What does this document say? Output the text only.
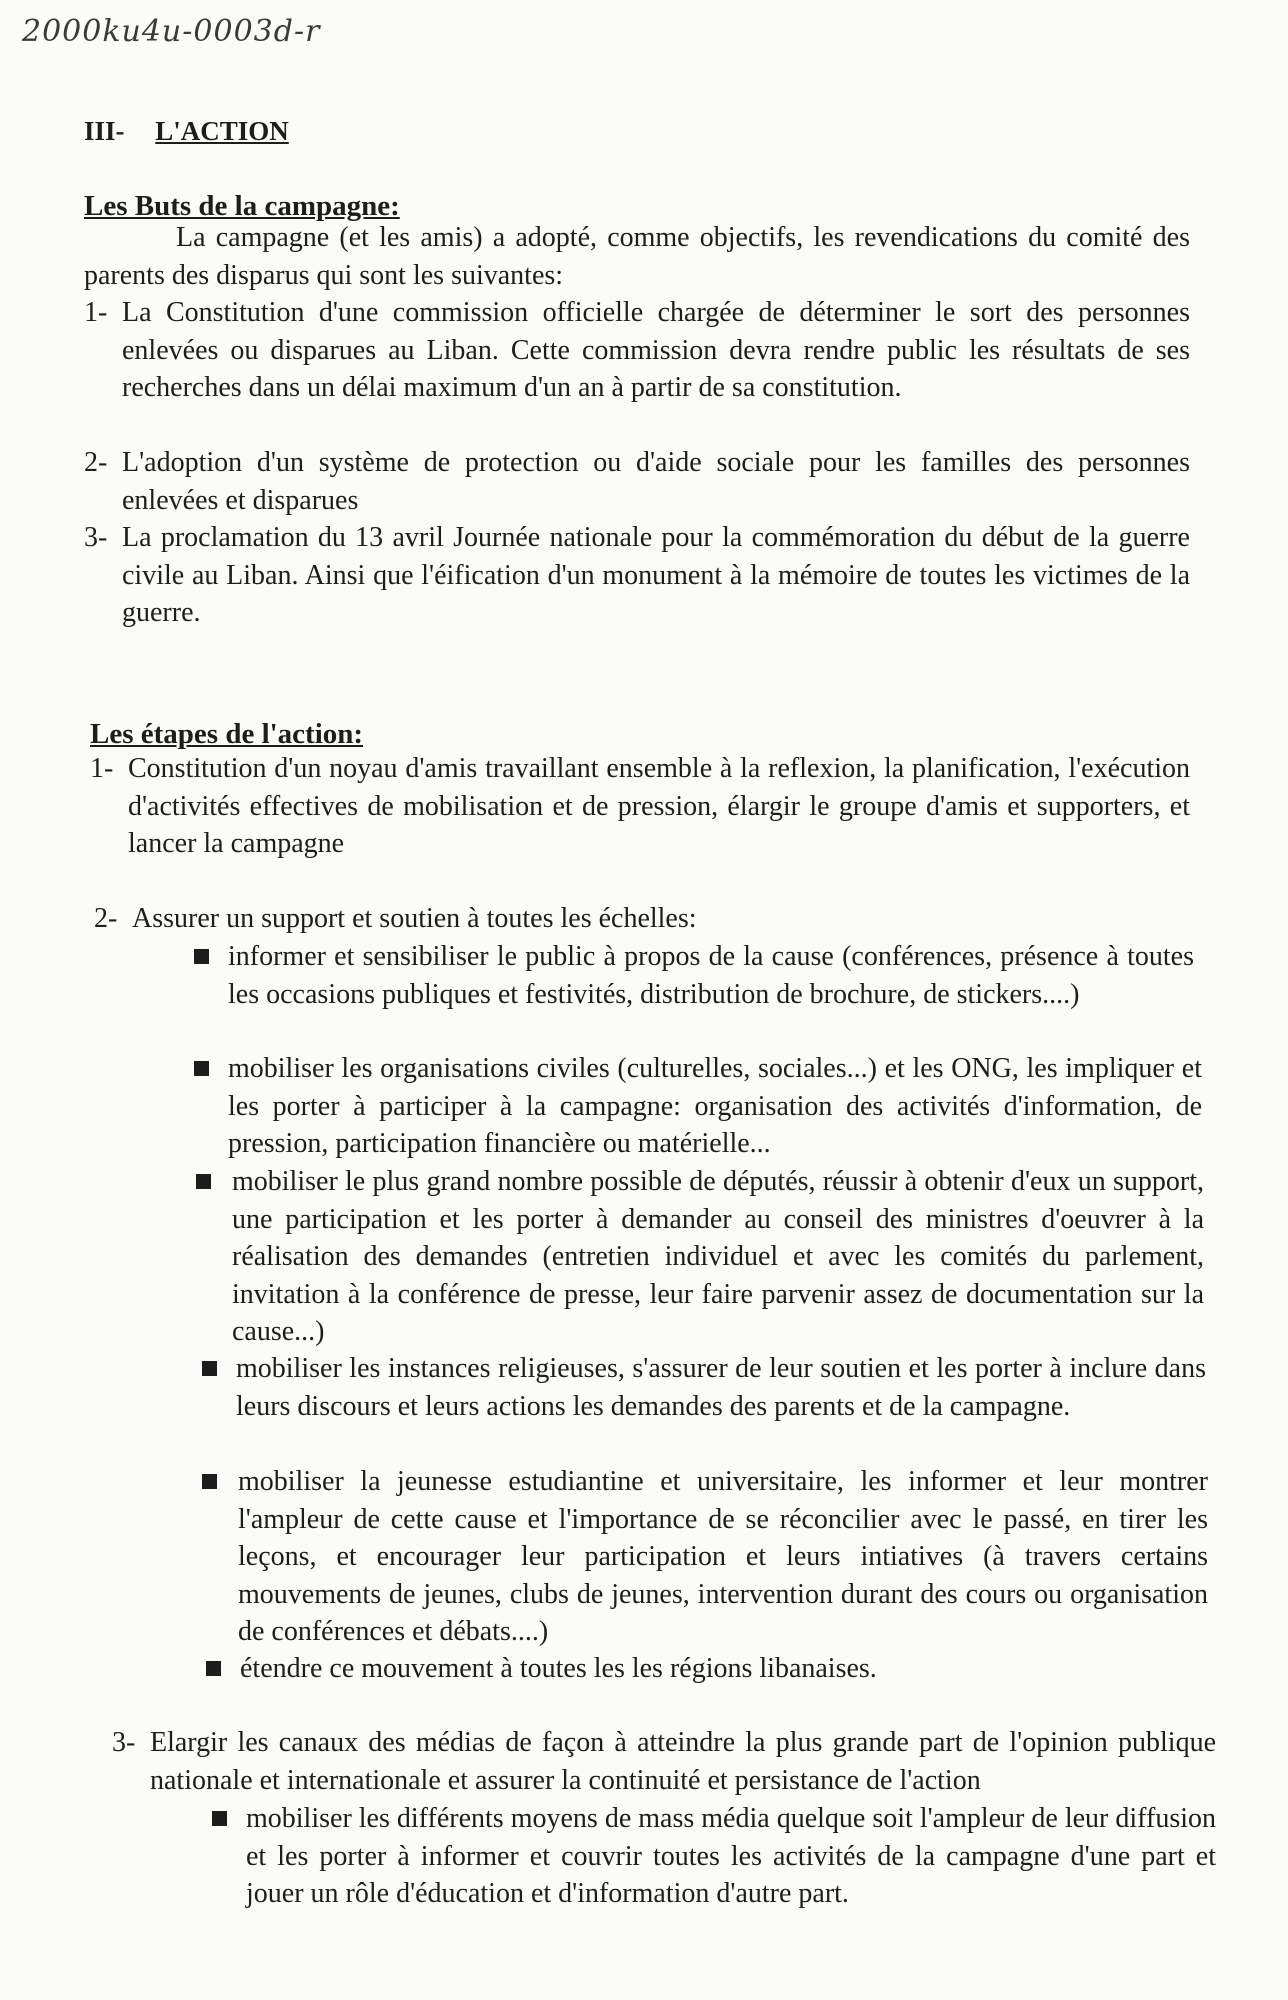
2000ku4u-0003d-r
III- L'ACTION
Les Buts de la campagne:
La campagne (et les amis) a adopté, comme objectifs, les revendications du comité des parents des disparus qui sont les suivantes:
1- La Constitution d'une commission officielle chargée de déterminer le sort des personnes enlevées ou disparues au Liban. Cette commission devra rendre public les résultats de ses recherches dans un délai maximum d'un an à partir de sa constitution.
2- L'adoption d'un système de protection ou d'aide sociale pour les familles des personnes enlevées et disparues
3- La proclamation du 13 avril Journée nationale pour la commémoration du début de la guerre civile au Liban. Ainsi que l'éification d'un monument à la mémoire de toutes les victimes de la guerre.
Les étapes de l'action:
1- Constitution d'un noyau d'amis travaillant ensemble à la reflexion, la planification, l'exécution d'activités effectives de mobilisation et de pression, élargir le groupe d'amis et supporters, et lancer la campagne
2- Assurer un support et soutien à toutes les échelles:
informer et sensibiliser le public à propos de la cause (conférences, présence à toutes les occasions publiques et festivités, distribution de brochure, de stickers....)
mobiliser les organisations civiles (culturelles, sociales...) et les ONG, les impliquer et les porter à participer à la campagne: organisation des activités d'information, de pression, participation financière ou matérielle...
mobiliser le plus grand nombre possible de députés, réussir à obtenir d'eux un support, une participation et les porter à demander au conseil des ministres d'oeuvrer à la réalisation des demandes (entretien individuel et avec les comités du parlement, invitation à la conférence de presse, leur faire parvenir assez de documentation sur la cause...)
mobiliser les instances religieuses, s'assurer de leur soutien et les porter à inclure dans leurs discours et leurs actions les demandes des parents et de la campagne.
mobiliser la jeunesse estudiantine et universitaire, les informer et leur montrer l'ampleur de cette cause et l'importance de se réconcilier avec le passé, en tirer les leçons, et encourager leur participation et leurs intiatives (à travers certains mouvements de jeunes, clubs de jeunes, intervention durant des cours ou organisation de conférences et débats....)
étendre ce mouvement à toutes les les régions libanaises.
3- Elargir les canaux des médias de façon à atteindre la plus grande part de l'opinion publique nationale et internationale et assurer la continuité et persistance de l'action
mobiliser les différents moyens de mass média quelque soit l'ampleur de leur diffusion et les porter à informer et couvrir toutes les activités de la campagne d'une part et jouer un rôle d'éducation et d'information d'autre part.
